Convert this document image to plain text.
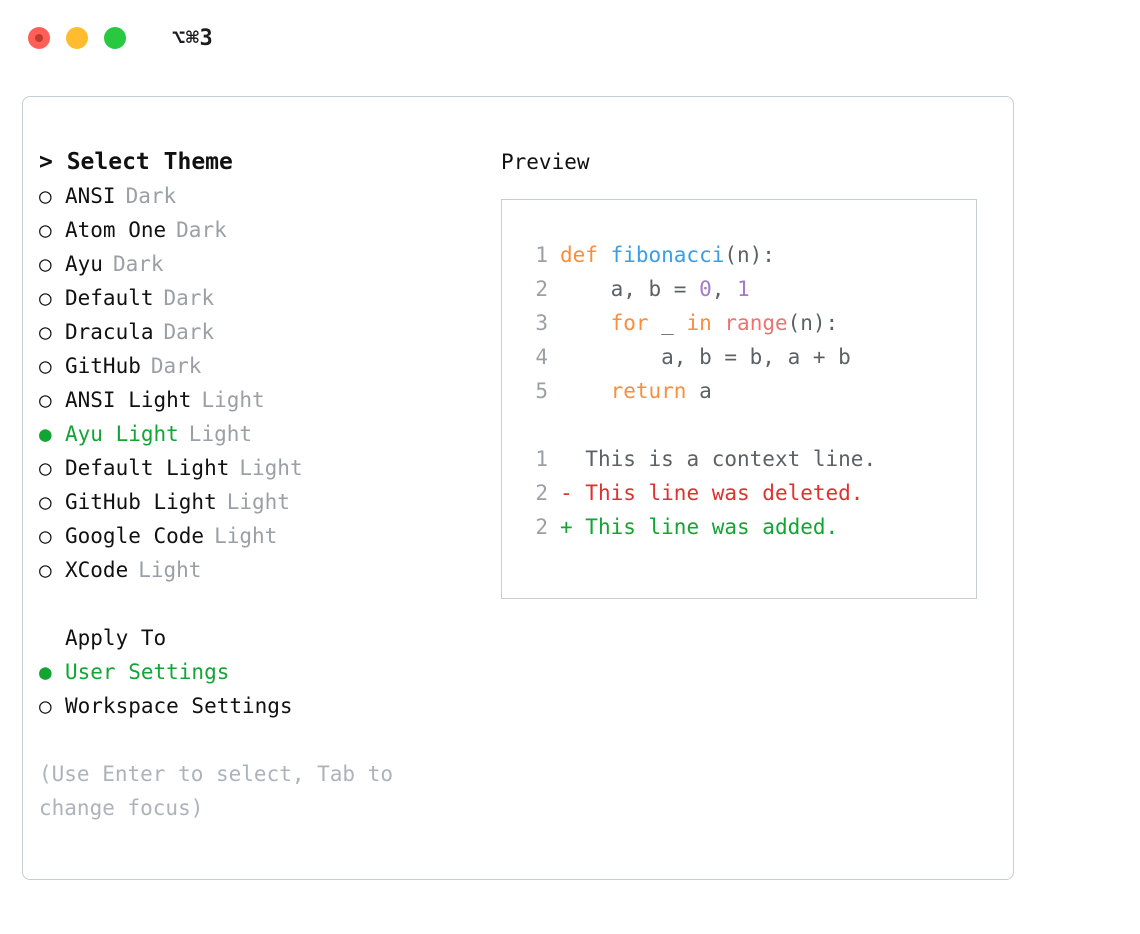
⌥⌘3
> Select Theme
○ ANSI Dark
○ Atom One Dark
○ Ayu Dark
○ Default Dark
○ Dracula Dark
○ GitHub Dark
○ ANSI Light Light
● Ayu Light Light
○ Default Light Light
○ GitHub Light Light
○ Google Code Light
○ XCode Light
Apply To
● User Settings
○ Workspace Settings
(Use Enter to select, Tab to change focus)
Preview
1 def fibonacci(n):
2 a, b = 0, 1
3	for _ in range(n):
4 a, b = b, a + b
5	return a
1
This is a context line.
2 - This line was deleted.
2 + This line was added.
